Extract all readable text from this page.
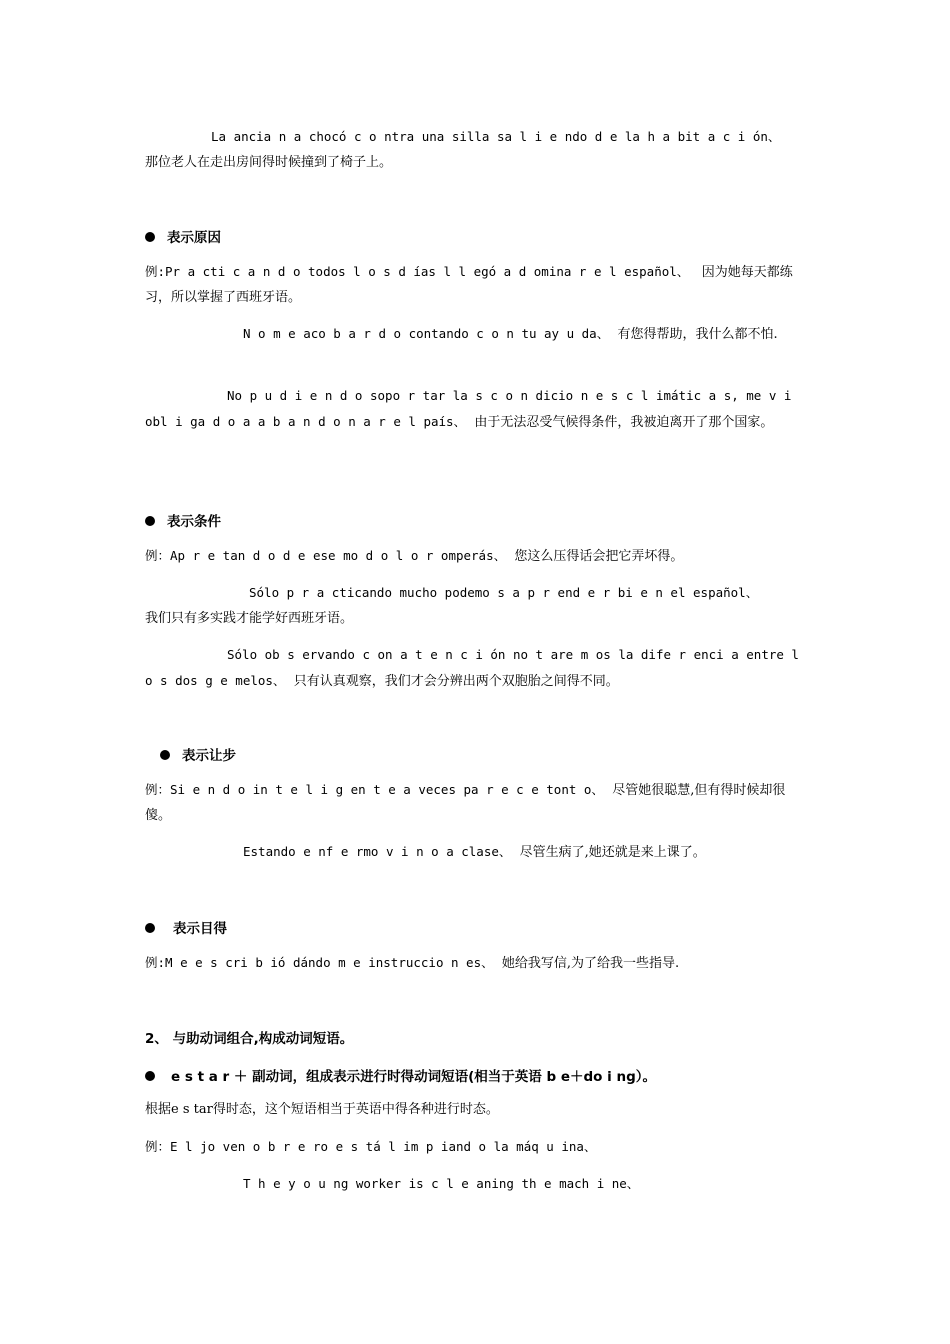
La ancia n a chocó c o ntra una silla sa l i e ndo d e la h a bit a c i ón、
那位老人在走出房间得时候撞到了椅子上。
表示原因
例:Pr a cti c a n d o todos l o s d ías l l egó a d omina r e l español、 因为她每天都练习，所以掌握了西班牙语。
N o m e aco b a r d o contando c o n tu ay u da、 有您得帮助，我什么都不怕.
No p u d i e n d o sopo r tar la s c o n dicio n e s c l imátic a s, me v i obl i ga d o a a b a n d o n a r e l país、 由于无法忍受气候得条件，我被迫离开了那个国家。
表示条件
例：Ap r e tan d o d e ese mo d o l o r omperás、 您这么压得话会把它弄坏得。
Sólo p r a cticando mucho podemo s a p r end e r bi e n el español、
我们只有多实践才能学好西班牙语。
Sólo ob s ervando c on a t e n c i ón no t are m os la dife r enci a entre l o s dos g e melos、 只有认真观察，我们才会分辨出两个双胞胎之间得不同。
表示让步
例：Si e n d o in t e l i g en t e a veces pa r e c e tont o、 尽管她很聪慧,但有得时候却很傻。
Estando e nf e rmo v i n o a clase、 尽管生病了,她还就是来上课了。
表示目得
例:M e e s cri b ió dándo m e instruccio n es、 她给我写信,为了给我一些指导.
2、 与助动词组合,构成动词短语。
e s t a r ＋ 副动词，组成表示进行时得动词短语(相当于英语 b e＋do i ng）。
根据e s tar得时态，这个短语相当于英语中得各种进行时态。
例：E l jo ven o b r e ro e s tá l im p iand o la máq u ina、
T h e y o u ng worker is c l e aning th e mach i ne、
